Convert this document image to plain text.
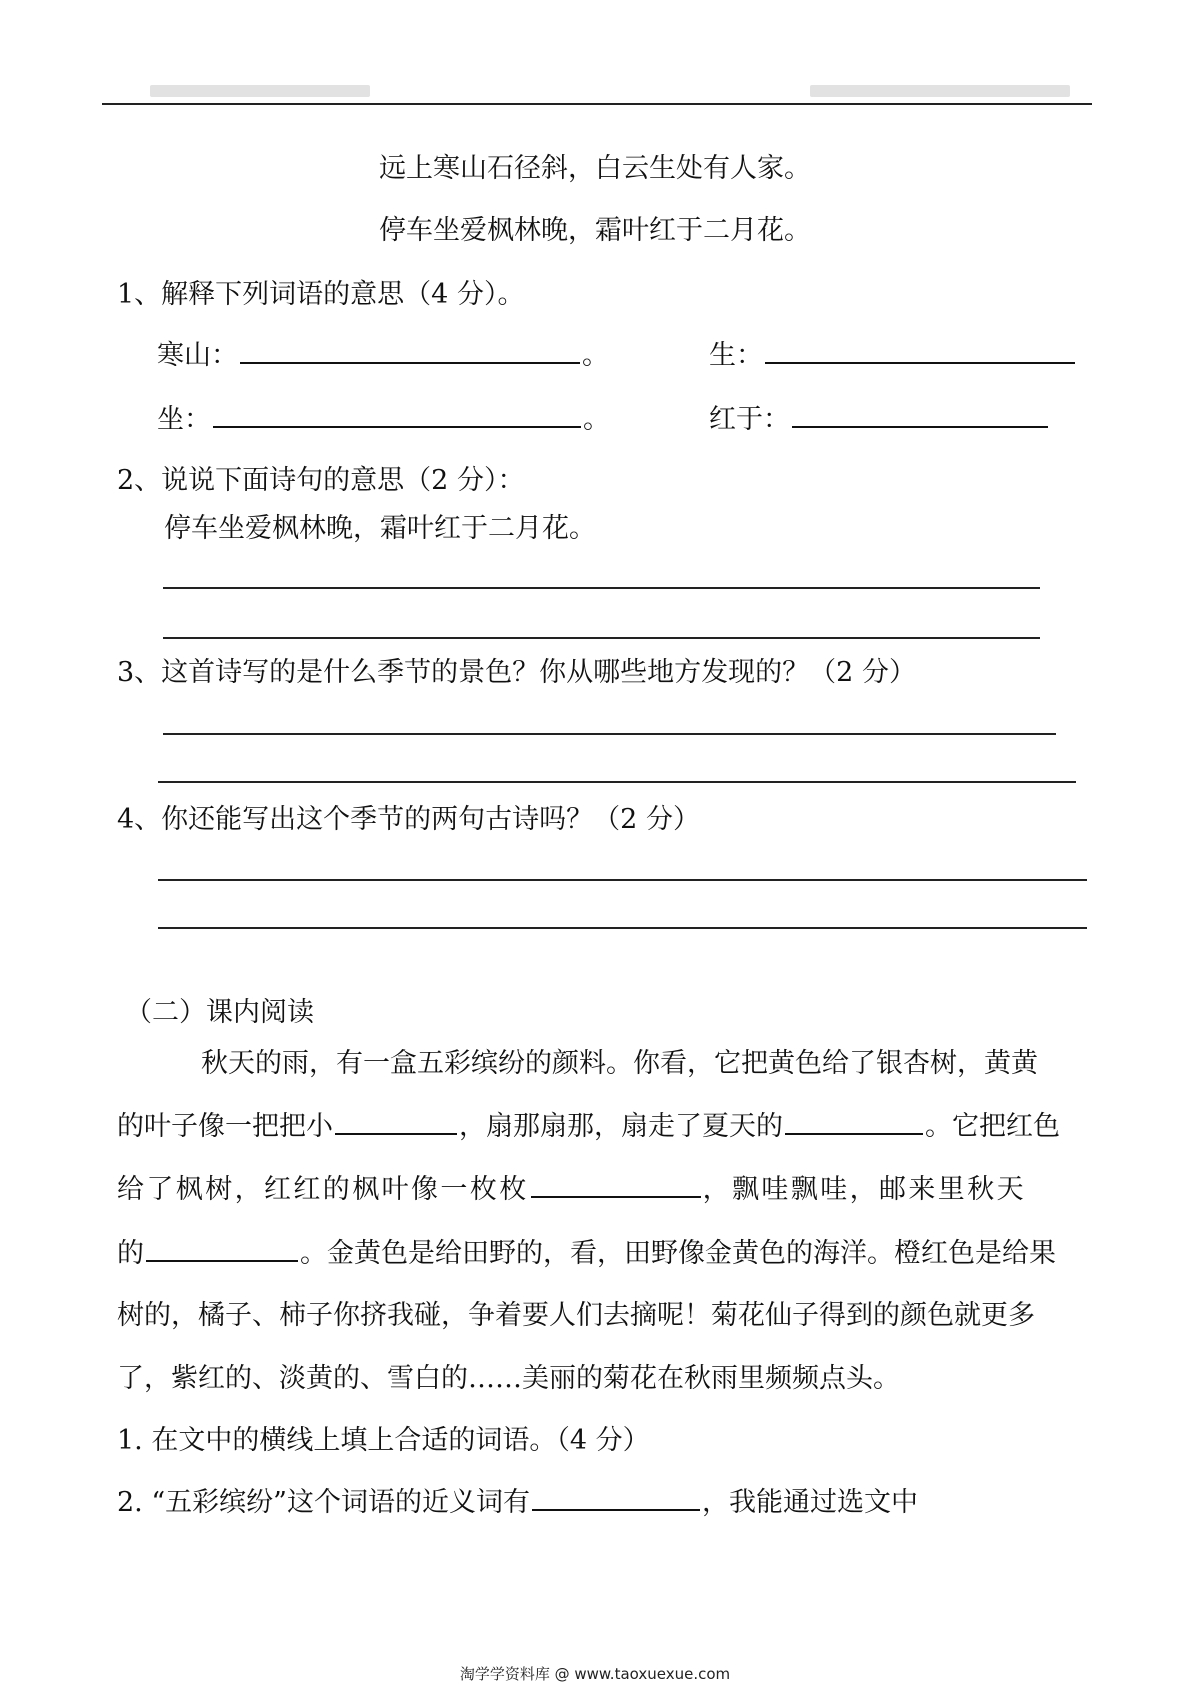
远上寒山石径斜，白云生处有人家。
停车坐爱枫林晚，霜叶红于二月花。
1、解释下列词语的意思（4 分）。
寒山：	。	生：
坐：	。	红于：
2、说说下面诗句的意思（2 分）：
停车坐爱枫林晚，霜叶红于二月花。
3、这首诗写的是什么季节的景色？你从哪些地方发现的？（2 分）
4、你还能写出这个季节的两句古诗吗？（2 分）
（二）课内阅读
秋天的雨，有一盒五彩缤纷的颜料。你看，它把黄色给了银杏树，黄黄
的叶子像一把把小	，扇那扇那，扇走了夏天的	。它把红色
给了枫树，红红的枫叶像一枚枚	，飘哇飘哇，邮来里秋天
的	。金黄色是给田野的，看，田野像金黄色的海洋。橙红色是给果
树的，橘子、柿子你挤我碰，争着要人们去摘呢！菊花仙子得到的颜色就更多
了，紫红的、淡黄的、雪白的……美丽的菊花在秋雨里频频点头。
1. 在文中的横线上填上合适的词语。（4 分）
2. “五彩缤纷”这个词语的近义词有	，我能通过选文中
淘学学资料库 @ www.taoxuexue.com
